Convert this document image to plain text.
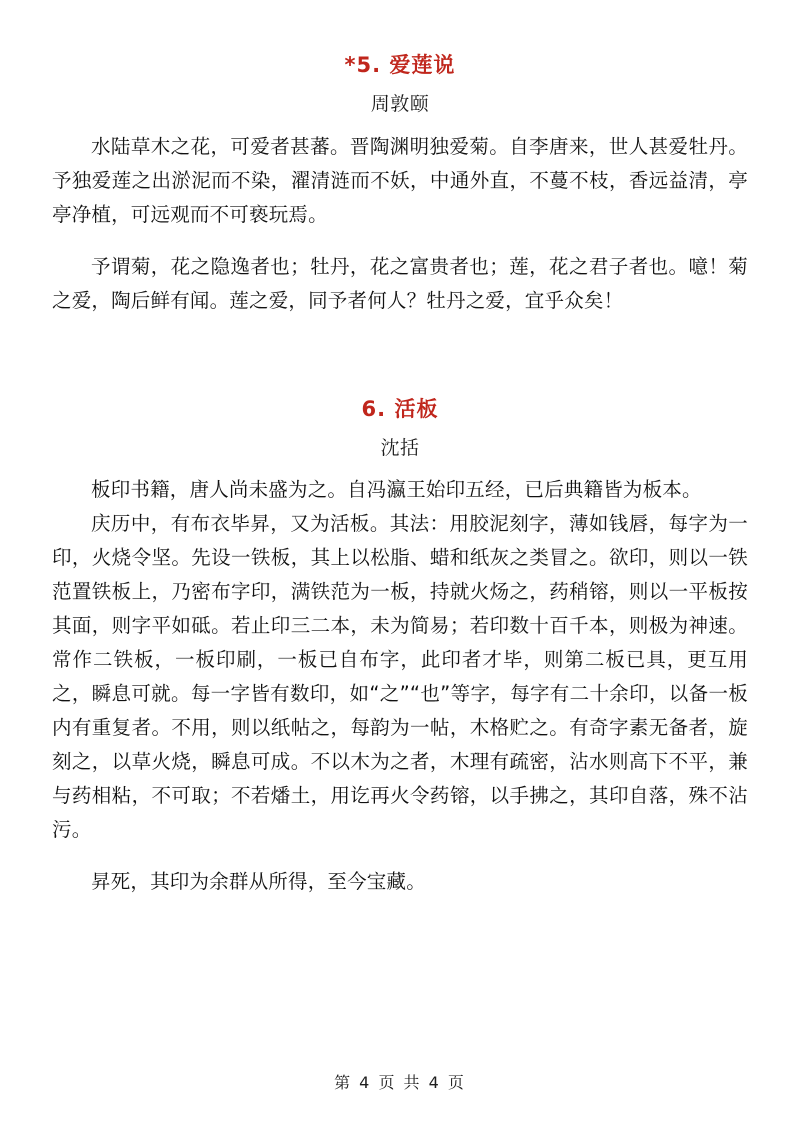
*5. 爱莲说
周敦颐

水陆草木之花，可爱者甚蕃。晋陶渊明独爱菊。自李唐来，世人甚爱牡丹。予独爱莲之出淤泥而不染，濯清涟而不妖，中通外直，不蔓不枝，香远益清，亭亭净植，可远观而不可亵玩焉。

予谓菊，花之隐逸者也；牡丹，花之富贵者也；莲，花之君子者也。噫！菊之爱，陶后鲜有闻。莲之爱，同予者何人？牡丹之爱，宜乎众矣！

6. 活板
沈括

板印书籍，唐人尚未盛为之。自冯瀛王始印五经，已后典籍皆为板本。

庆历中，有布衣毕昇，又为活板。其法：用胶泥刻字，薄如钱唇，每字为一印，火烧令坚。先设一铁板，其上以松脂、蜡和纸灰之类冒之。欲印，则以一铁范置铁板上，乃密布字印，满铁范为一板，持就火炀之，药稍镕，则以一平板按其面，则字平如砥。若止印三二本，未为简易；若印数十百千本，则极为神速。常作二铁板，一板印刷，一板已自布字，此印者才毕，则第二板已具，更互用之，瞬息可就。每一字皆有数印，如“之”“也”等字，每字有二十余印，以备一板内有重复者。不用，则以纸帖之，每韵为一帖，木格贮之。有奇字素无备者，旋刻之，以草火烧，瞬息可成。不以木为之者，木理有疏密，沾水则高下不平，兼与药相粘，不可取；不若燔土，用讫再火令药镕，以手拂之，其印自落，殊不沾污。

昇死，其印为余群从所得，至今宝藏。

第 4 页 共 4 页
